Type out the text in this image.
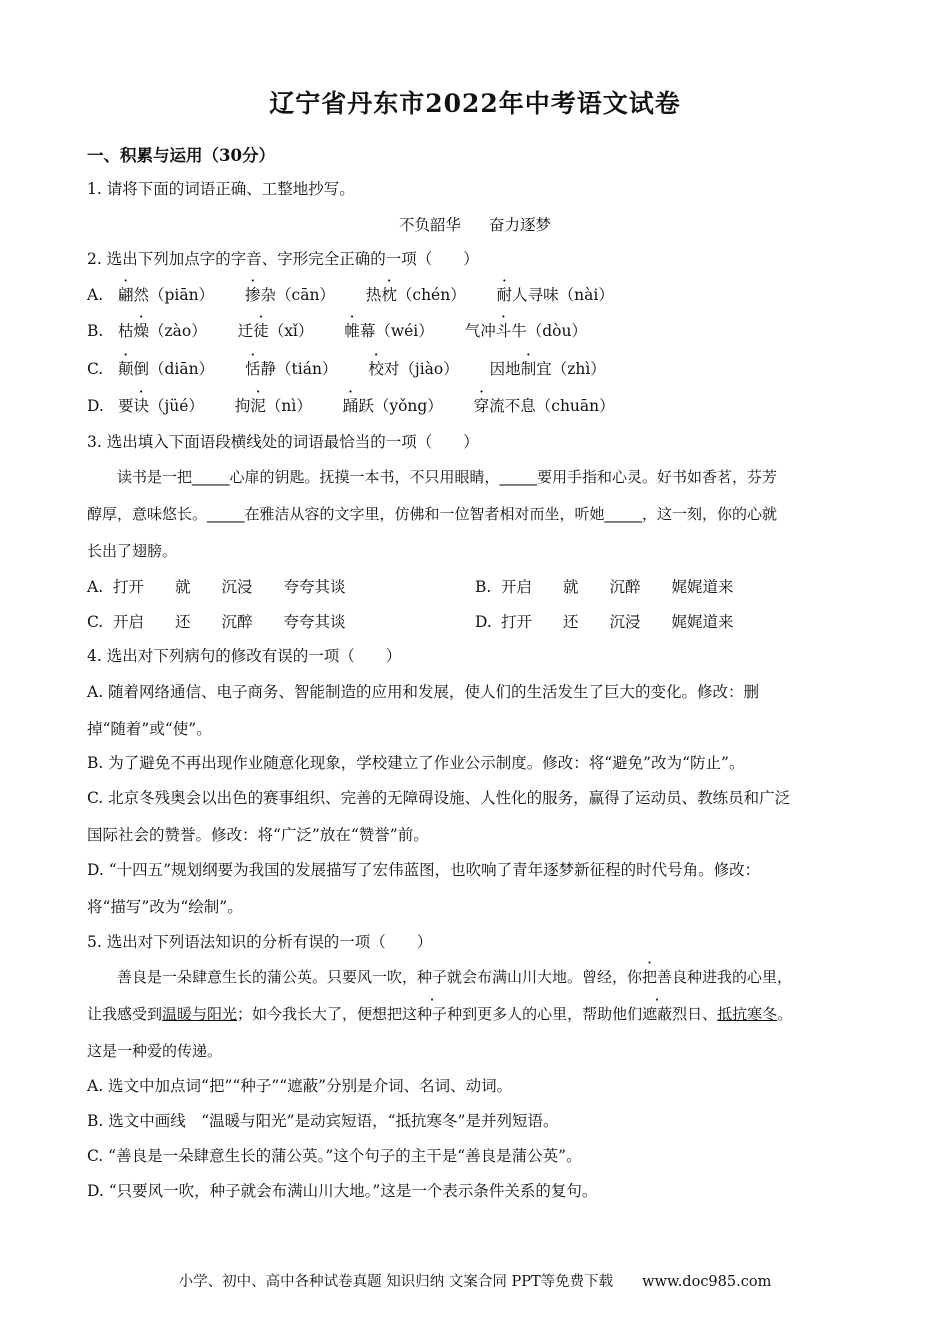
辽宁省丹东市2022年中考语文试卷
一、积累与运用（30分）
1. 请将下面的词语正确、工整地抄写。
不负韶华 奋力逐梦
2. 选出下列加点字的字音、字形完全正确的一项（　　）
A. 翩然（piān） 掺杂（cān） 热枕（chén） 耐人寻味（nài）
B. 枯燥（zào） 迁徒（xǐ） 帷幕（wéi） 气冲斗牛（dòu）
C. 颠倒（diān） 恬静（tián） 校对（jiào） 因地制宜（zhì）
D. 要诀（jüé） 拘泥（nì） 踊跃（yǒng） 穿流不息（chuān）
3. 选出填入下面语段横线处的词语最恰当的一项（　　）
　　读书是一把_____心扉的钥匙。抚摸一本书，不只用眼睛，_____要用手指和心灵。好书如香茗，芬芳
醇厚，意味悠长。_____在雅洁从容的文字里，仿佛和一位智者相对而坐，听她_____，这一刻，你的心就
长出了翅膀。
A. 打开　　就　　沉浸　　夸夸其谈	B. 开启　　就　　沉醉　　娓娓道来
C. 开启　　还　　沉醉　　夸夸其谈	D. 打开　　还　　沉浸　　娓娓道来
4. 选出对下列病句的修改有误的一项（　　）
A. 随着网络通信、电子商务、智能制造的应用和发展，使人们的生活发生了巨大的变化。修改：删
掉“随着”或“使”。
B. 为了避免不再出现作业随意化现象，学校建立了作业公示制度。修改：将“避免”改为“防止”。
C. 北京冬残奥会以出色的赛事组织、完善的无障碍设施、人性化的服务，赢得了运动员、教练员和广泛
国际社会的赞誉。修改：将“广泛”放在“赞誉”前。
D. “十四五”规划纲要为我国的发展描写了宏伟蓝图，也吹响了青年逐梦新征程的时代号角。修改：
将“描写”改为“绘制”。
5. 选出对下列语法知识的分析有误的一项（　　）
　　善良是一朵肆意生长的蒲公英。只要风一吹，种子就会布满山川大地。曾经，你把善良种进我的心里，
让我感受到温暖与阳光；如今我长大了，便想把这种子种到更多人的心里，帮助他们遮蔽烈日、抵抗寒冬。
这是一种爱的传递。
A. 选文中加点词“把”“种子”“遮蔽”分别是介词、名词、动词。
B. 选文中画线　“温暖与阳光”是动宾短语，“抵抗寒冬”是并列短语。
C. “善良是一朵肆意生长的蒲公英。”这个句子的主干是“善良是蒲公英”。
D. “只要风一吹，种子就会布满山川大地。”这是一个表示条件关系的复句。
小学、初中、高中各种试卷真题 知识归纳 文案合同 PPT等免费下载　　www.doc985.com
